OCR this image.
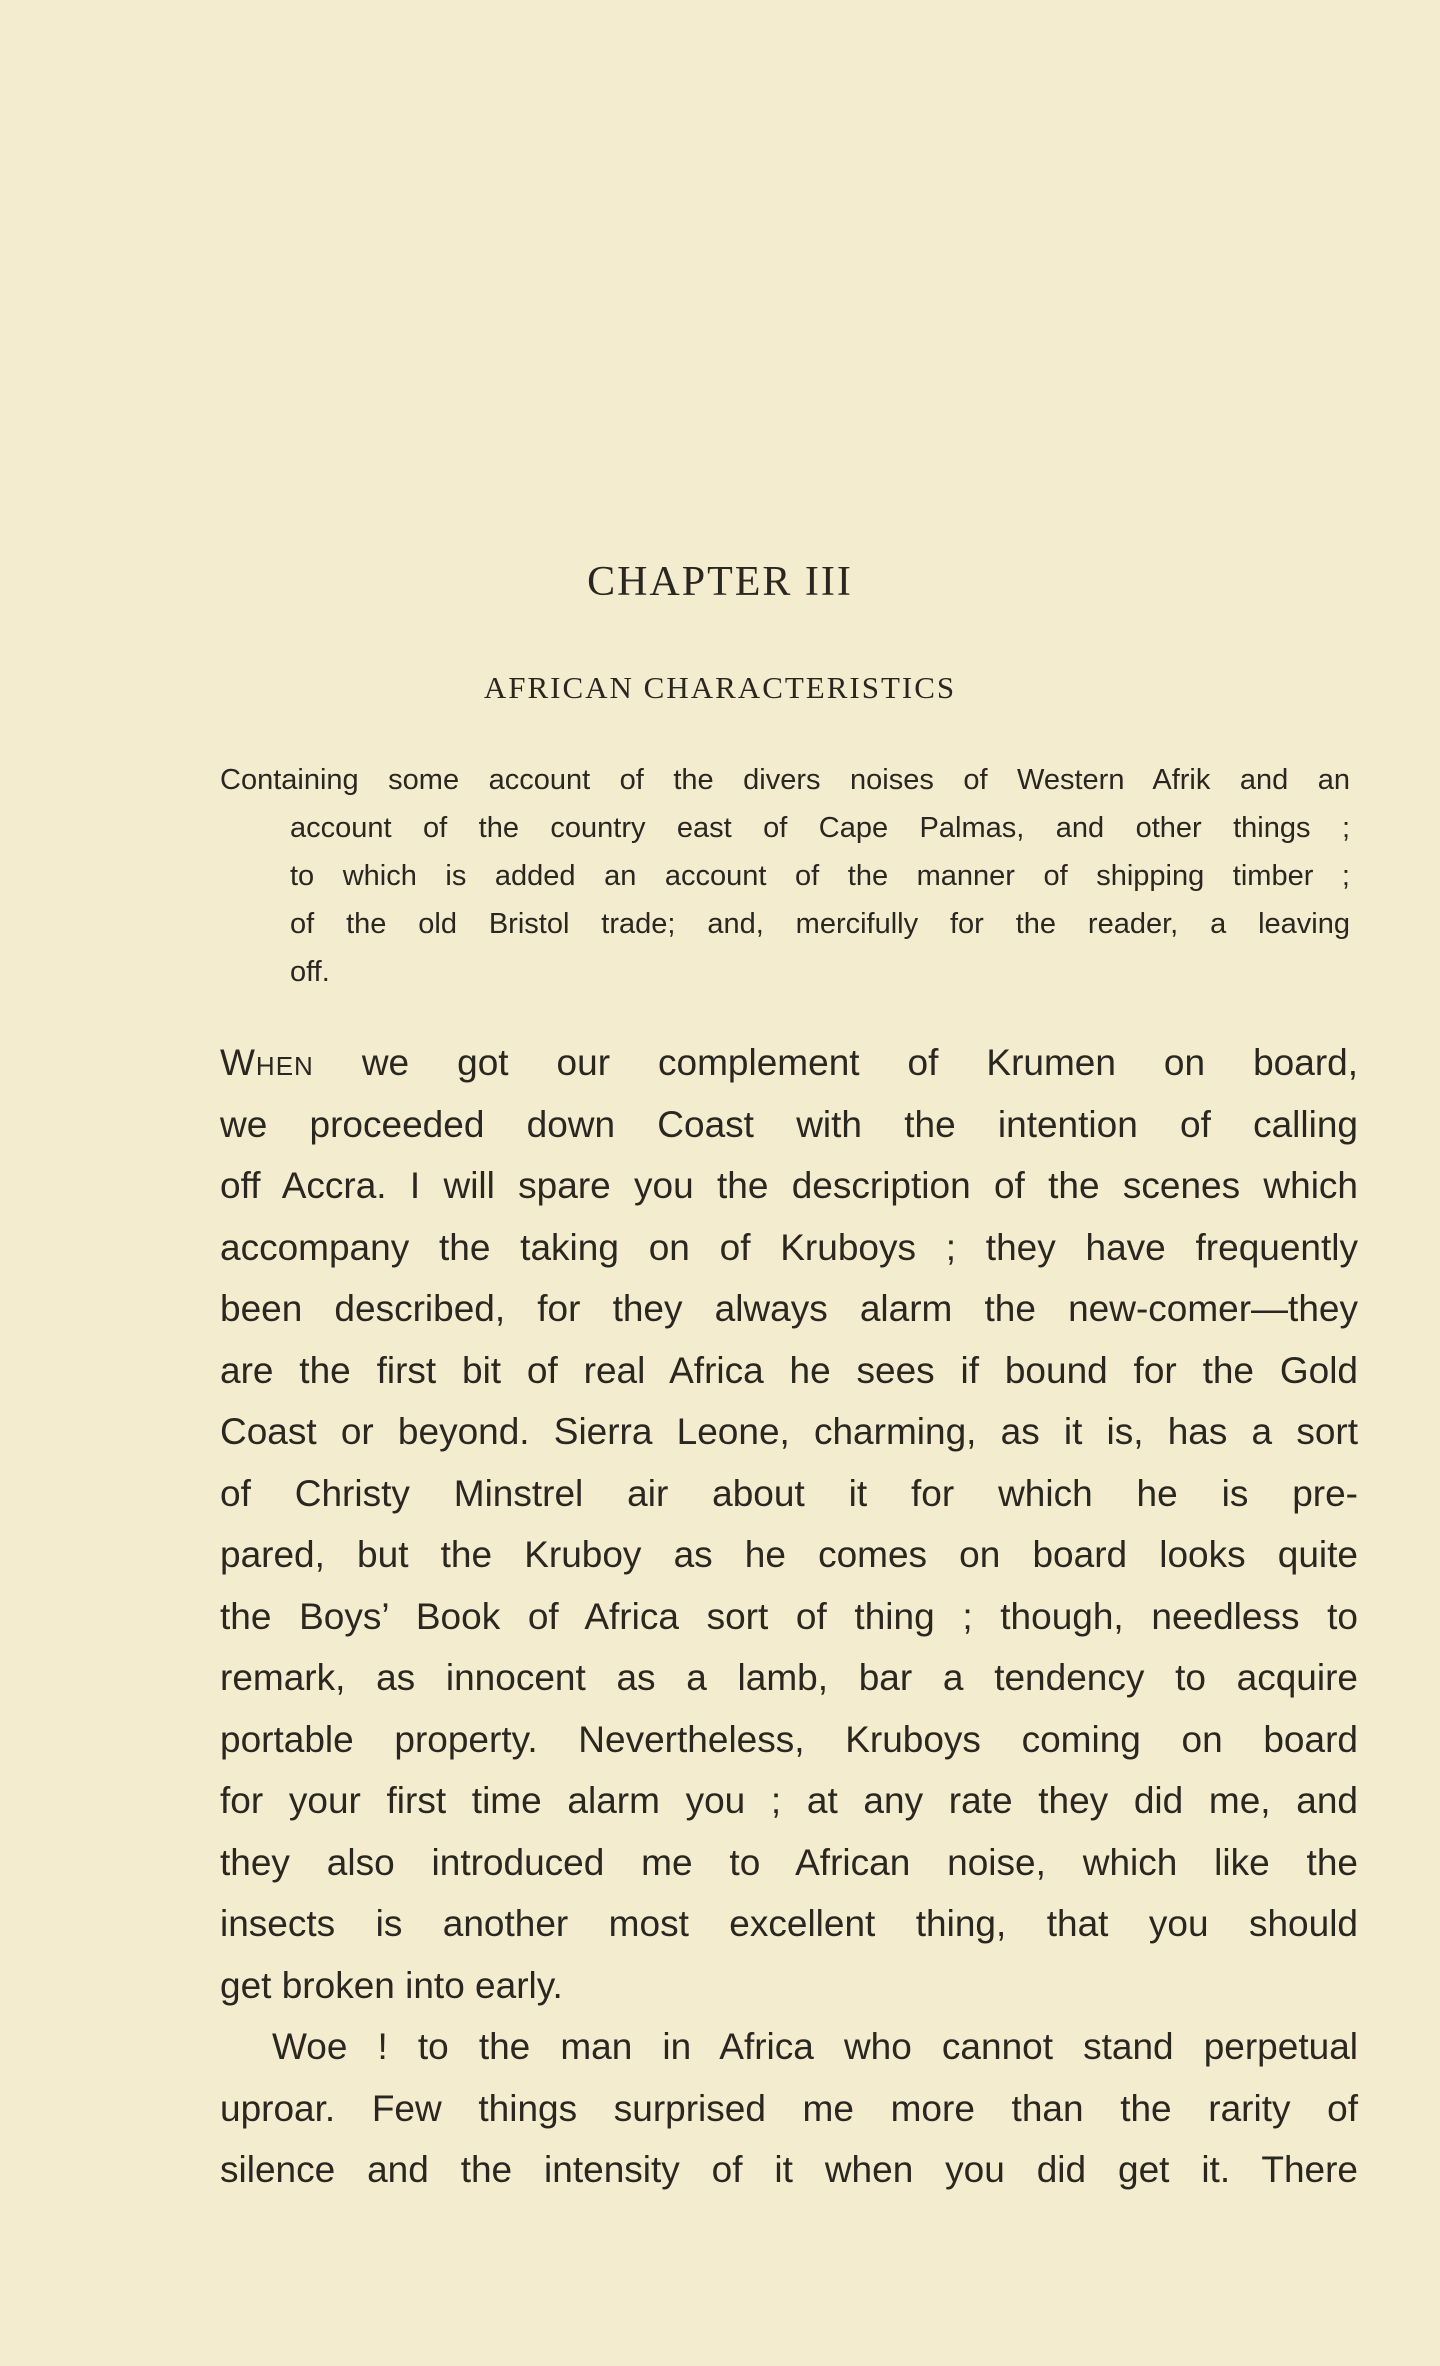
CHAPTER III
AFRICAN CHARACTERISTICS
Containing some account of the divers noises of Western Afrik and an
account of the country east of Cape Palmas, and other things ;
to which is added an account of the manner of shipping timber ;
of the old Bristol trade; and, mercifully for the reader, a leaving
off.
When we got our complement of Krumen on board,
we proceeded down Coast with the intention of calling
off Accra. I will spare you the description of the scenes which
accompany the taking on of Kruboys ; they have frequently
been described, for they always alarm the new-comer—they
are the first bit of real Africa he sees if bound for the Gold
Coast or beyond. Sierra Leone, charming, as it is, has a sort
of Christy Minstrel air about it for which he is pre-
pared, but the Kruboy as he comes on board looks quite
the Boys’ Book of Africa sort of thing ; though, needless to
remark, as innocent as a lamb, bar a tendency to acquire
portable property. Nevertheless, Kruboys coming on board
for your first time alarm you ; at any rate they did me, and
they also introduced me to African noise, which like the
insects is another most excellent thing, that you should
get broken into early.
Woe ! to the man in Africa who cannot stand perpetual
uproar. Few things surprised me more than the rarity of
silence and the intensity of it when you did get it. There
